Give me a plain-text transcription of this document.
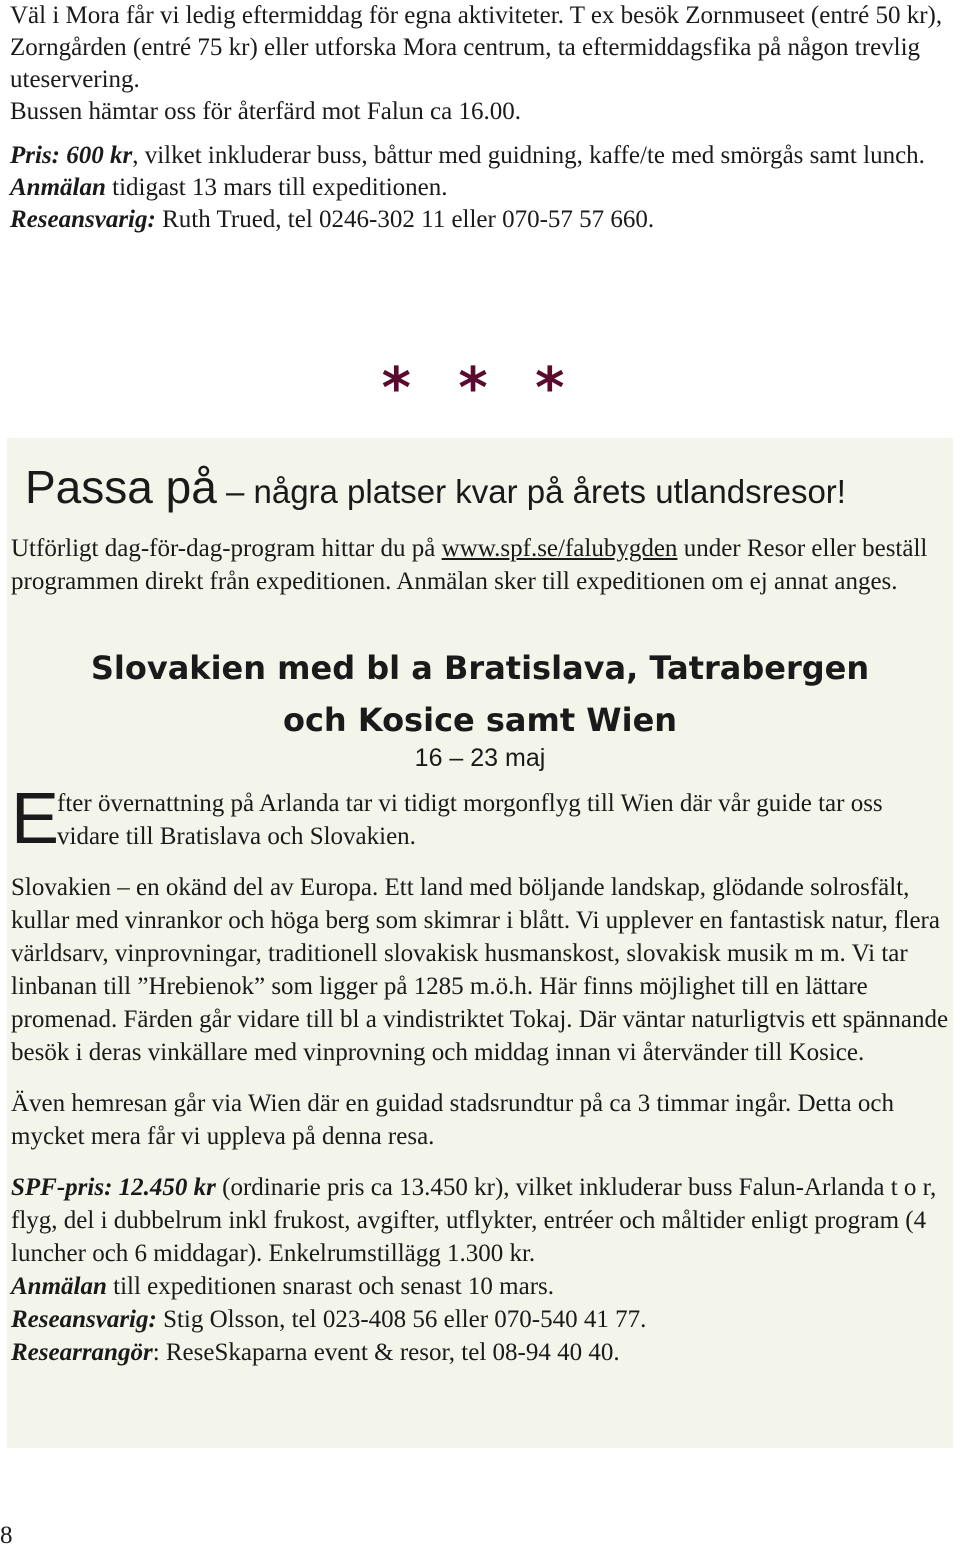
Väl i Mora får vi ledig eftermiddag för egna aktiviteter. T ex besök Zornmuseet (entré 50 kr), Zorngården (entré 75 kr) eller utforska Mora centrum, ta eftermiddagsfika på någon trevlig uteservering.

Bussen hämtar oss för återfärd mot Falun ca 16.00.

Pris: 600 kr, vilket inkluderar buss, båttur med guidning, kaffe/te med smörgås samt lunch.

Anmälan tidigast 13 mars till expeditionen.

Reseansvarig: Ruth Trued, tel 0246-302 11 eller 070-57 57 660.

* * *
Passa på – några platser kvar på årets utlandsresor!

Utförligt dag-för-dag-program hittar du på www.spf.se/falubygden under Resor eller beställ programmen direkt från expeditionen. Anmälan sker till expeditionen om ej annat anges.

Slovakien med bl a Bratislava, Tatrabergen
och Kosice samt Wien
16 – 23 maj
E
fter övernattning på Arlanda tar vi tidigt morgonflyg till Wien där vår guide tar oss vidare till Bratislava och Slovakien.

Slovakien – en okänd del av Europa. Ett land med böljande landskap, glödande solrosfält, kullar med vinrankor och höga berg som skimrar i blått. Vi upplever en fantastisk natur, flera världsarv, vinprovningar, traditionell slovakisk husmanskost, slovakisk musik m m. Vi tar linbanan till ”Hrebienok” som ligger på 1285 m.ö.h. Här finns möjlighet till en lättare promenad. Färden går vidare till bl a vindistriktet Tokaj. Där väntar naturligtvis ett spännande besök i deras vinkällare med vinprovning och middag innan vi återvänder till Kosice.

Även hemresan går via Wien där en guidad stadsrundtur på ca 3 timmar ingår. Detta och mycket mera får vi uppleva på denna resa.

SPF-pris: 12.450 kr (ordinarie pris ca 13.450 kr), vilket inkluderar buss Falun-Arlanda t o r, flyg, del i dubbelrum inkl frukost, avgifter, utflykter, entréer och måltider enligt program (4 luncher och 6 middagar). Enkelrumstillägg 1.300 kr.

Anmälan till expeditionen snarast och senast 10 mars.

Reseansvarig: Stig Olsson, tel 023-408 56 eller 070-540 41 77.

Researrangör: ReseSkaparna event & resor, tel 08-94 40 40.

8
